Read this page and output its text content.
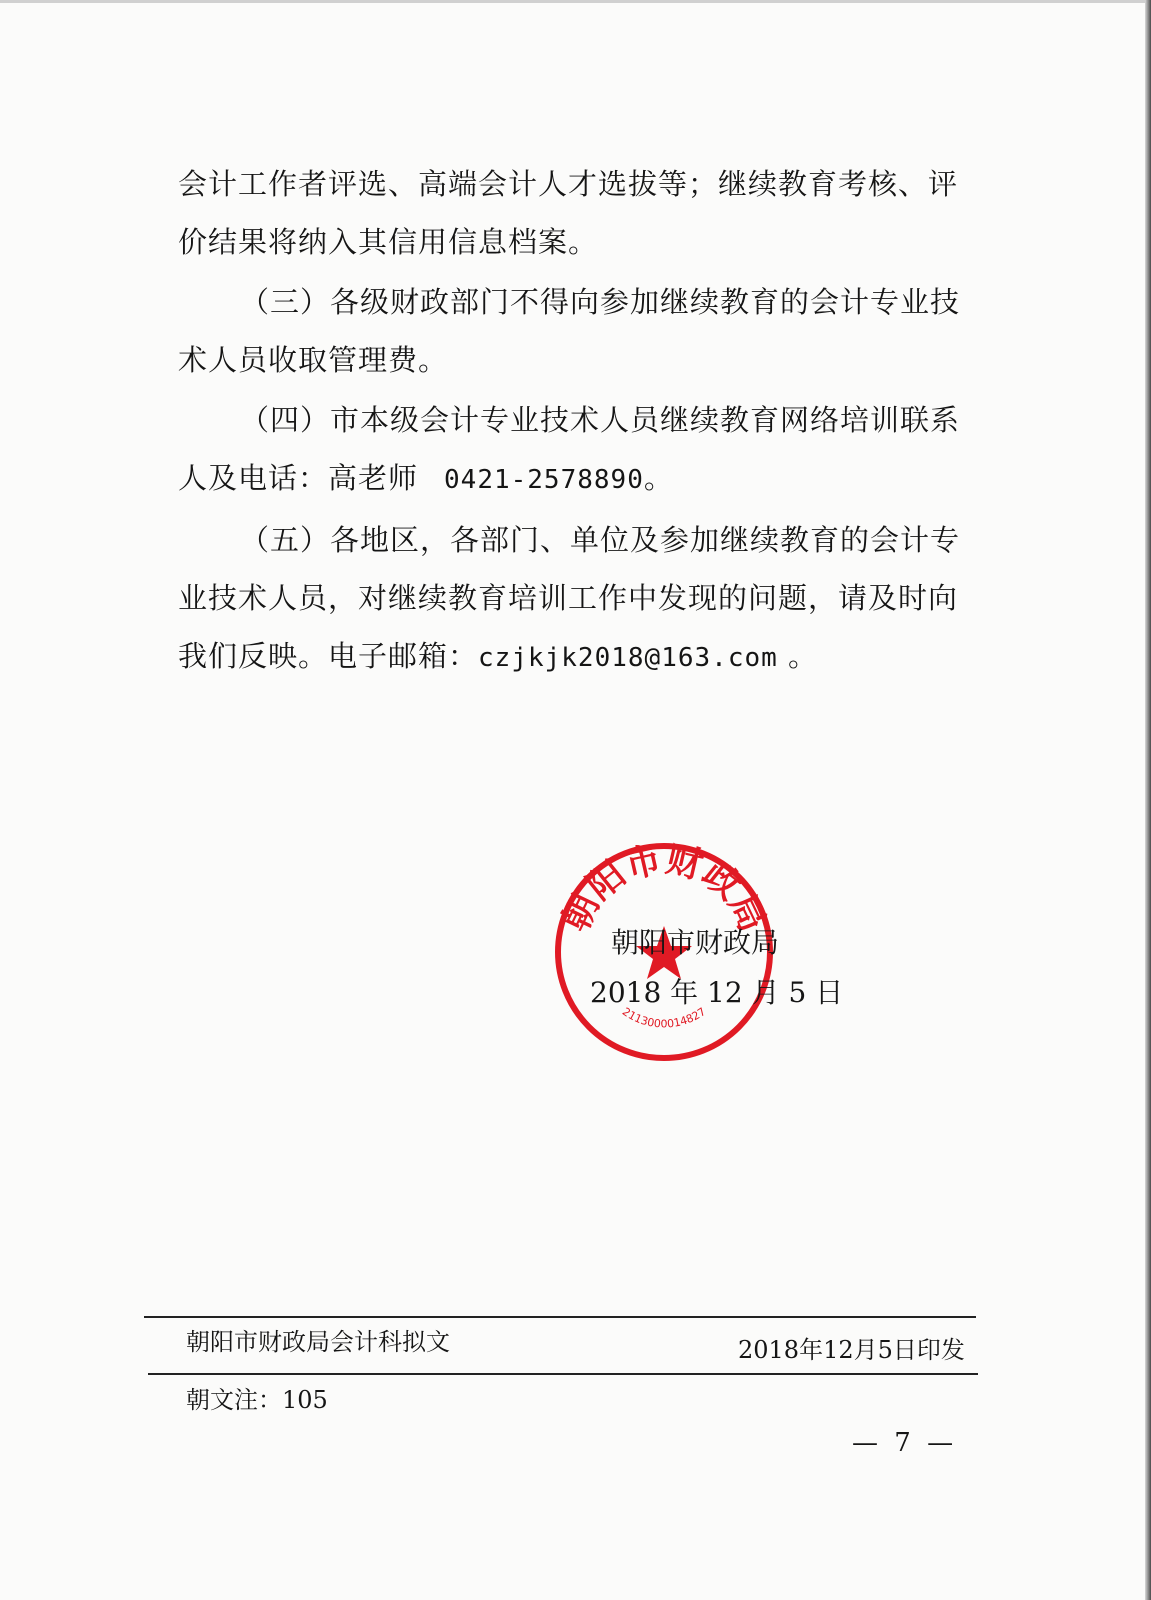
会计工作者评选、高端会计人才选拔等；继续教育考核、评价结果将纳入其信用信息档案。

（三）各级财政部门不得向参加继续教育的会计专业技术人员收取管理费。

（四）市本级会计专业技术人员继续教育网络培训联系人及电话：高老师 0421-2578890。

（五）各地区，各部门、单位及参加继续教育的会计专业技术人员，对继续教育培训工作中发现的问题，请及时向我们反映。电子邮箱：czjkjk2018@163.com 。

朝阳市财政局
2113000014827
朝阳市财政局
2018 年 12 月 5 日
朝阳市财政局会计科拟文	2018年12月5日印发
朝文注：105
— 7 —
